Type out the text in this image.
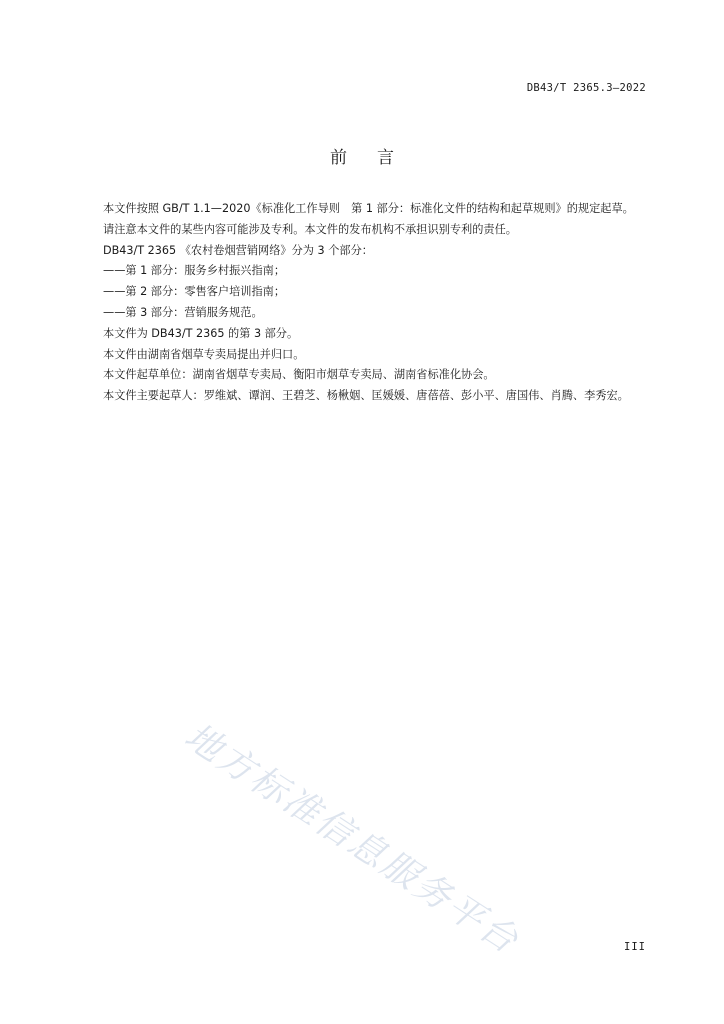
DB43/T 2365.3—2022
前 言

本文件按照 GB/T 1.1—2020《标准化工作导则　第 1 部分：标准化文件的结构和起草规则》的规定起草。

请注意本文件的某些内容可能涉及专利。本文件的发布机构不承担识别专利的责任。

DB43/T 2365 《农村卷烟营销网络》分为 3 个部分：

——第 1 部分：服务乡村振兴指南；

——第 2 部分：零售客户培训指南；

——第 3 部分：营销服务规范。

本文件为 DB43/T 2365 的第 3 部分。

本文件由湖南省烟草专卖局提出并归口。

本文件起草单位：湖南省烟草专卖局、衡阳市烟草专卖局、湖南省标准化协会。

本文件主要起草人：罗维斌、谭润、王碧芝、杨楸姻、匡媛媛、唐蓓蓓、彭小平、唐国伟、肖腾、李秀宏。

地方标准信息服务平台	III
